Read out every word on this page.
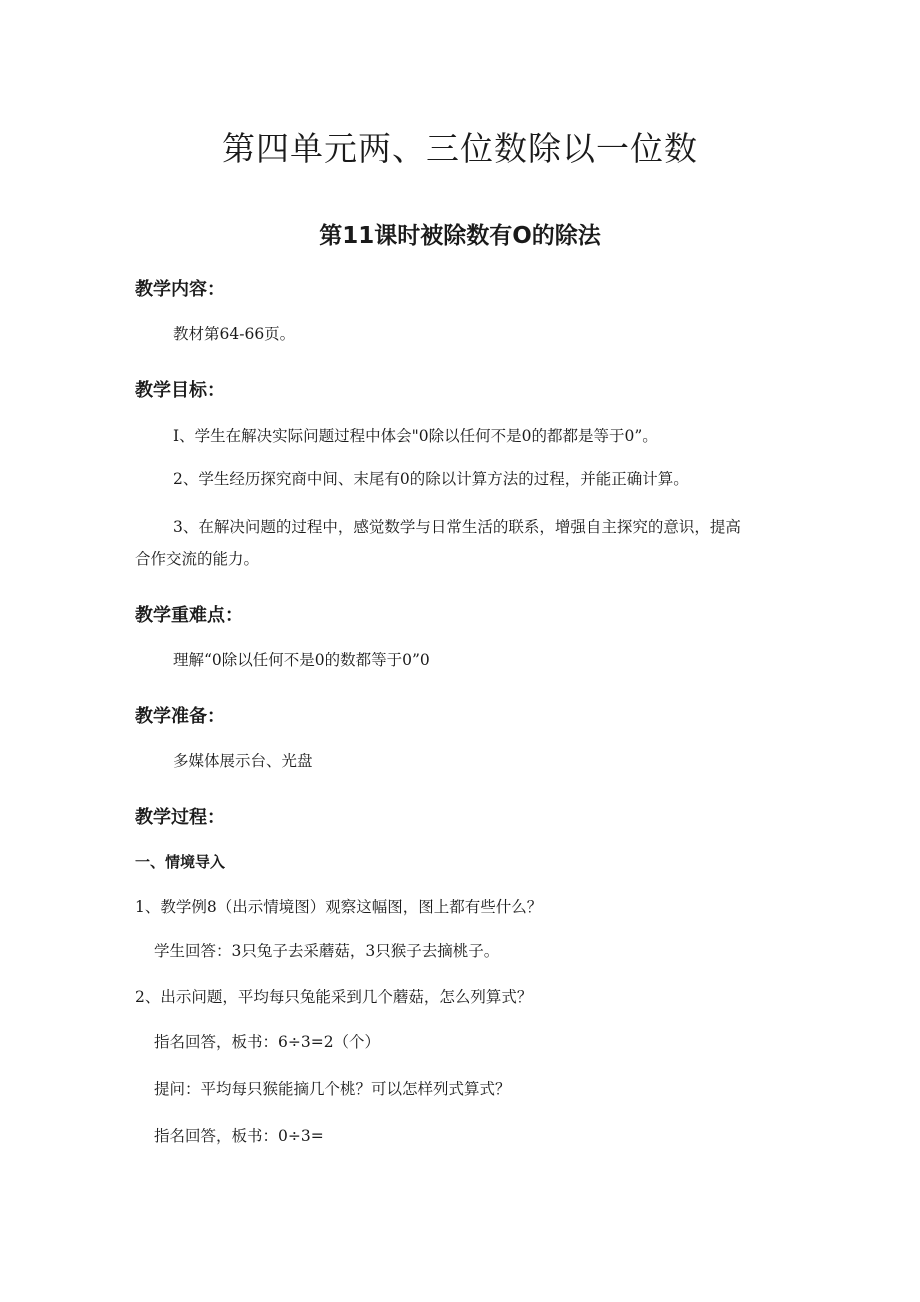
第四单元两、三位数除以一位数
第11课时被除数有O的除法
教学内容：
教材第64-66页。
教学目标：
I、学生在解决实际问题过程中体会"0除以任何不是0的都都是等于0”。
2、学生经历探究商中间、末尾有0的除以计算方法的过程，并能正确计算。
3、在解决问题的过程中，感觉数学与日常生活的联系，增强自主探究的意识，提高
合作交流的能力。
教学重难点：
理解“0除以任何不是0的数都等于0”0
教学准备：
多媒体展示台、光盘
教学过程：
一、情境导入
1、教学例8（出示情境图）观察这幅图，图上都有些什么？
学生回答：3只兔子去采蘑菇，3只猴子去摘桃子。
2、出示问题，平均每只兔能采到几个蘑菇，怎么列算式？
指名回答，板书：6÷3=2（个）
提问：平均每只猴能摘几个桃？可以怎样列式算式？
指名回答，板书：0÷3=
